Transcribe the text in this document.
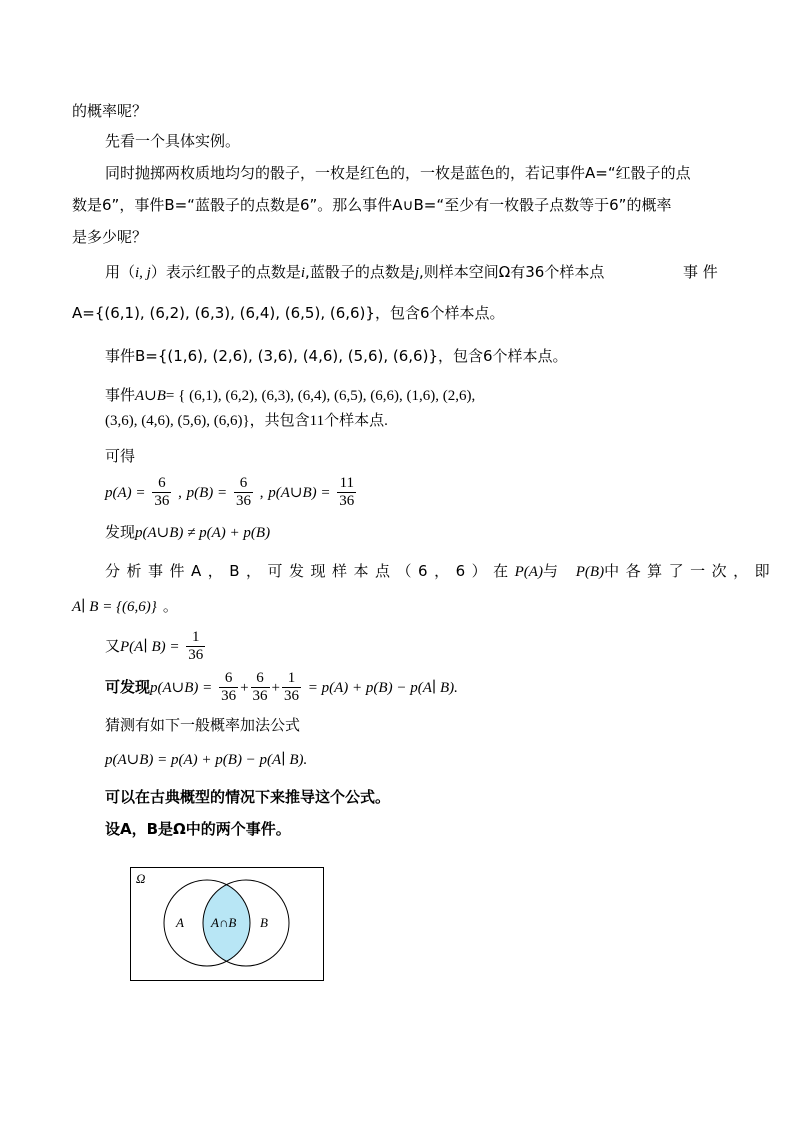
的概率呢？
先看一个具体实例。
同时抛掷两枚质地均匀的骰子，一枚是红色的，一枚是蓝色的，若记事件A=“红骰子的点
数是6”，事件B=“蓝骰子的点数是6”。那么事件A∪B=“至少有一枚骰子点数等于6”的概率
是多少呢？
用（i, j）表示红骰子的点数是i,蓝骰子的点数是j,则样本空间Ω有36个样本点	事 件
A={(6,1), (6,2), (6,3), (6,4), (6,5), (6,6)}，包含6个样本点。
事件B={(1,6), (2,6), (3,6), (4,6), (5,6), (6,6)}，包含6个样本点。
事件A∪B= { (6,1), (6,2), (6,3), (6,4), (6,5), (6,6), (1,6), (2,6),
(3,6), (4,6), (5,6), (6,6)}，共包含11个样本点.
可得
$p(A) = \frac{6}{36}$ , $p(B) = \frac{6}{36}$ , p(A∪B) = $\frac{11}{36}$
发现p(A∪B) ≠ p(A) + p(B)
分析事件A，B，可发现样本点（6，6）在P(A)与 P(B)中各算了一次，即
A∣ B = {(6,6)} 。
又P(A∣ $B) = \frac{1}{36}$
可发现p(A∪B) = $\frac{6}{36} + \frac{6}{36} + \frac{1}{36} = p(A) + p(B)$ − p(A∣ B).
猜测有如下一般概率加法公式
p(A∪B) = p(A) + p(B) − p(A∣ B).
可以在古典概型的情况下来推导这个公式。
设A，B是Ω中的两个事件。
Ω
A A∩B B
